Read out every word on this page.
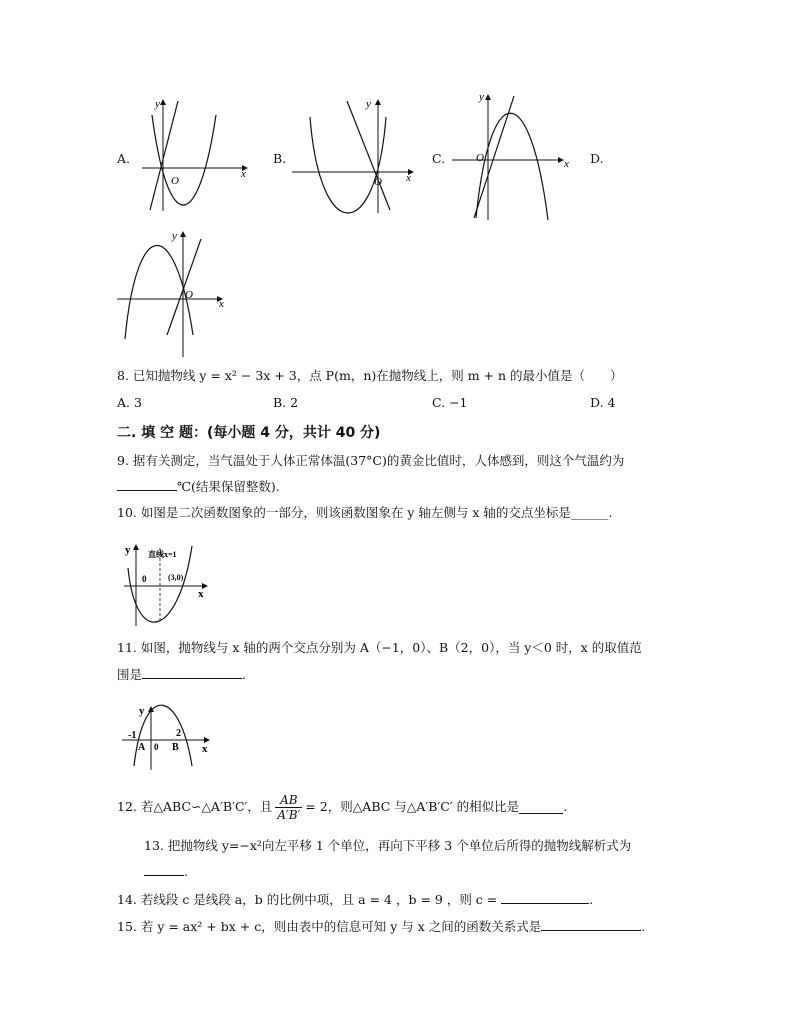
A.
y
x
O
B.
y
x
O
C.
y
x
O	D.
y
x
O
8. 已知抛物线 y = x² − 3x + 3，点 P(m，n)在抛物线上，则 m + n 的最小值是（　　）
A. 3	B. 2	C. −1	D. 4
二. 填 空 题：(每小题 4 分，共计 40 分)
9. 据有关测定，当气温处于人体正常体温(37°C)的黄金比值时，人体感到，则这个气温约为
℃(结果保留整数).
10. 如图是二次函数图象的一部分，则该函数图象在 y 轴左侧与 x 轴的交点坐标是______.
y
x
0
直线x=1
(3,0)
11. 如图，抛物线与 x 轴的两个交点分别为 A（−1，0）、B（2，0），当 y＜0 时，x 的取值范
围是	.
y
x
0
A	B
-1	2
12. 若△ABC∽△A′B′C′，且 $\frac{AB}{A'B'} = 2$，则△ABC 与△A′B′C′ 的相似比是	.
13. 把抛物线 y=−x²向左平移 1 个单位，再向下平移 3 个单位后所得的抛物线解析式为
.
14. 若线段 c 是线段 a，b 的比例中项，且 a = 4 ，b = 9 ，则 c =	.
15. 若 y = ax² + bx + c，则由表中的信息可知 y 与 x 之间的函数关系式是	.
